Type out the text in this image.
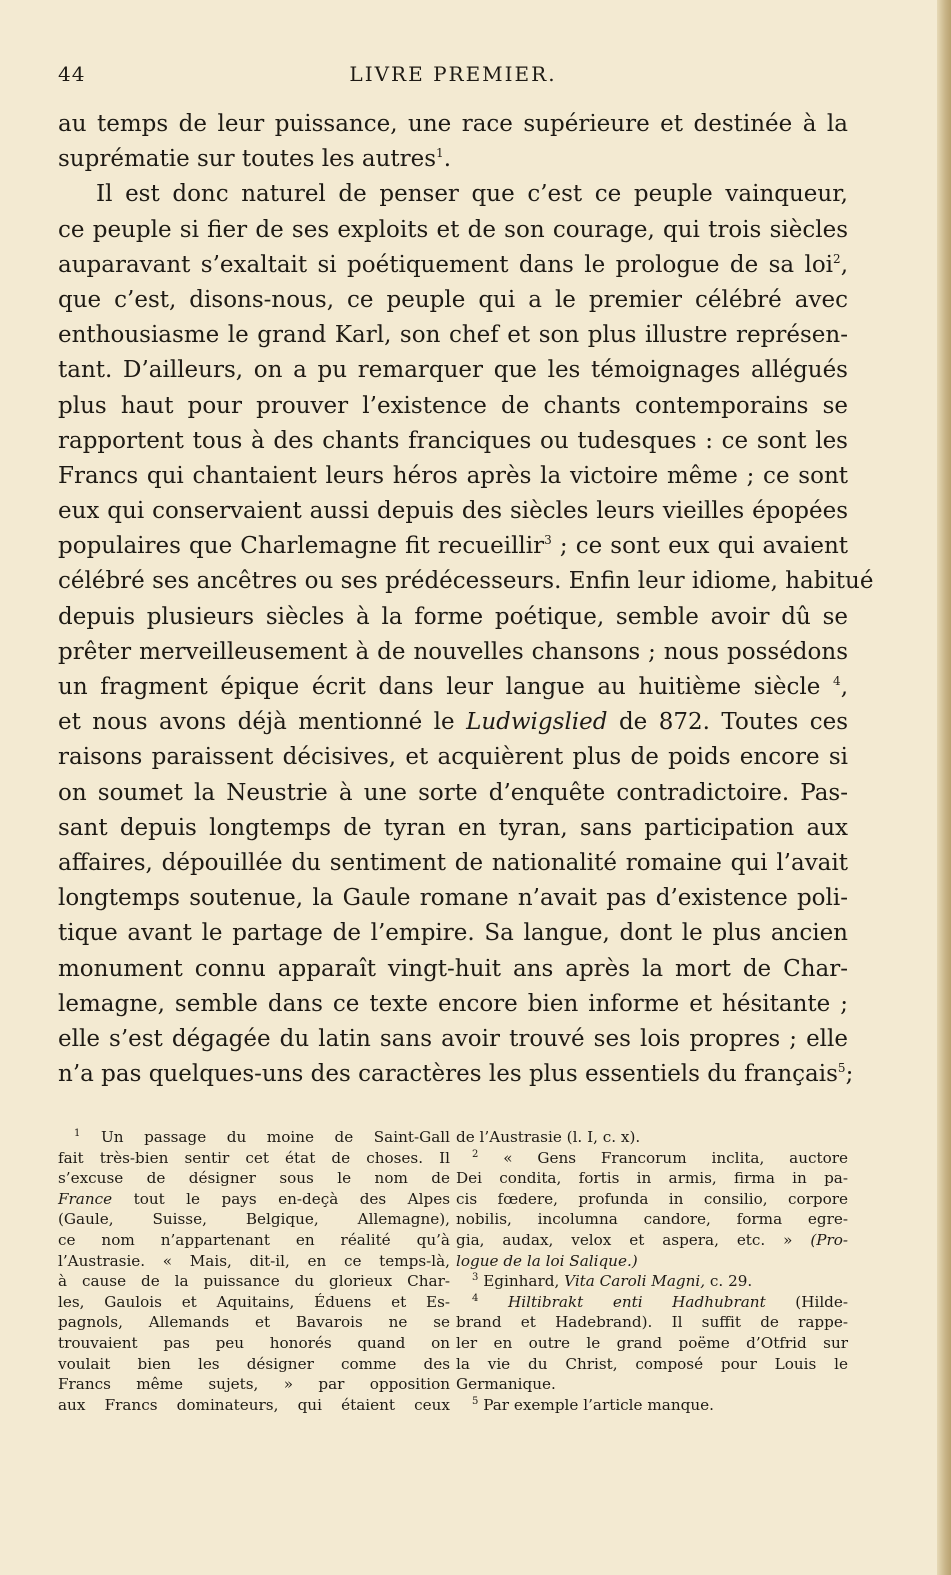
44	LIVRE PREMIER.
au temps de leur puissance, une race supérieure et destinée à la
suprématie sur toutes les autres$^1$.
Il est donc naturel de penser que c’est ce peuple vainqueur,
ce peuple si fier de ses exploits et de son courage, qui trois siècles
auparavant s’exaltait si poétiquement dans le prologue de sa loi$^2$,
que c’est, disons-nous, ce peuple qui a le premier célébré avec
enthousiasme le grand Karl, son chef et son plus illustre représen-
tant. D’ailleurs, on a pu remarquer que les témoignages allégués
plus haut pour prouver l’existence de chants contemporains se
rapportent tous à des chants franciques ou tudesques : ce sont les
Francs qui chantaient leurs héros après la victoire même ; ce sont
eux qui conservaient aussi depuis des siècles leurs vieilles épopées
populaires que Charlemagne fit recueillir$^3$ ; ce sont eux qui avaient
célébré ses ancêtres ou ses prédécesseurs. Enfin leur idiome, habitué
depuis plusieurs siècles à la forme poétique, semble avoir dû se
prêter merveilleusement à de nouvelles chansons ; nous possédons
un fragment épique écrit dans leur langue au huitième siècle $^4$,
et nous avons déjà mentionné le Ludwigslied de 872. Toutes ces
raisons paraissent décisives, et acquièrent plus de poids encore si
on soumet la Neustrie à une sorte d’enquête contradictoire. Pas-
sant depuis longtemps de tyran en tyran, sans participation aux
affaires, dépouillée du sentiment de nationalité romaine qui l’avait
longtemps soutenue, la Gaule romane n’avait pas d’existence poli-
tique avant le partage de l’empire. Sa langue, dont le plus ancien
monument connu apparaît vingt-huit ans après la mort de Char-
lemagne, semble dans ce texte encore bien informe et hésitante ;
elle s’est dégagée du latin sans avoir trouvé ses lois propres ; elle
n’a pas quelques-uns des caractères les plus essentiels du français$^5$;
$^1$ Un passage du moine de Saint-Gall
fait très-bien sentir cet état de choses. Il
s’excuse de désigner sous le nom de
France tout le pays en-deçà des Alpes
(Gaule, Suisse, Belgique, Allemagne),
ce nom n’appartenant en réalité qu’à
l’Austrasie. « Mais, dit-il, en ce temps-là,
à cause de la puissance du glorieux Char-
les, Gaulois et Aquitains, Éduens et Es-
pagnols, Allemands et Bavarois ne se
trouvaient pas peu honorés quand on
voulait bien les désigner comme des
Francs même sujets, » par opposition
aux Francs dominateurs, qui étaient ceux
de l’Austrasie (l. I, c. x).
$^2$ « Gens Francorum inclita, auctore
Dei condita, fortis in armis, firma in pa-
cis fœdere, profunda in consilio, corpore
nobilis, incolumna candore, forma egre-
gia, audax, velox et aspera, etc. » (Pro-
logue de la loi Salique.)
$^3$ Eginhard, Vita Caroli Magni, c. 29.
$^4$ Hiltibrakt enti Hadhubrant (Hilde-
brand et Hadebrand). Il suffit de rappe-
ler en outre le grand poëme d’Otfrid sur
la vie du Christ, composé pour Louis le
Germanique.
$^5$ Par exemple l’article manque.
